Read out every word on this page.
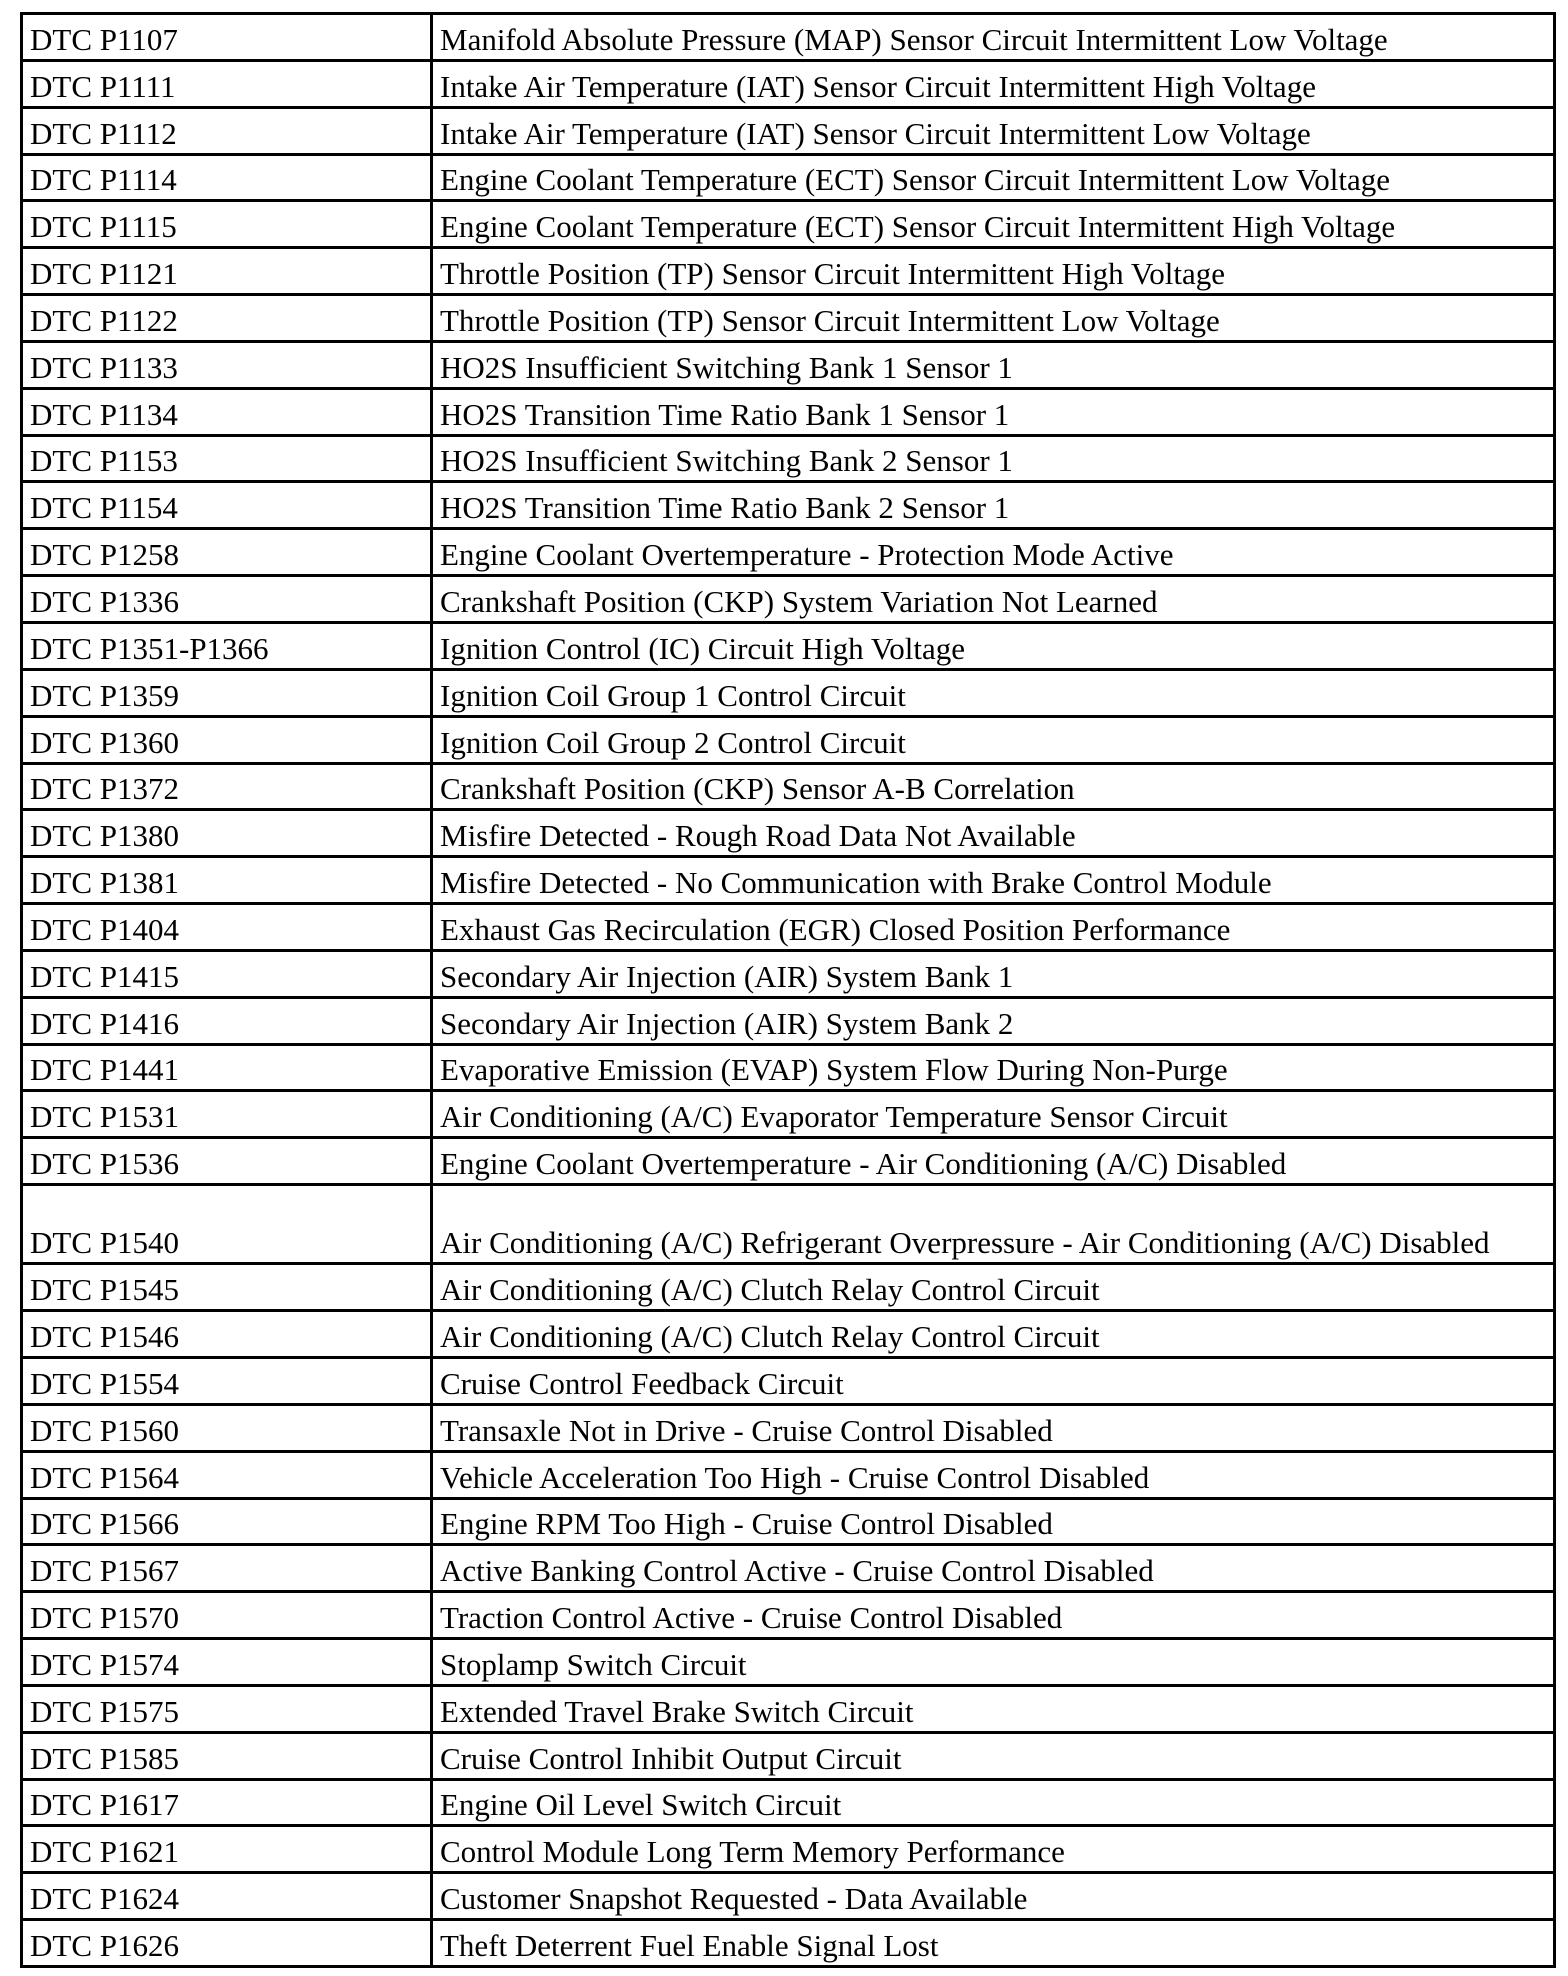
DTC P1107	Manifold Absolute Pressure (MAP) Sensor Circuit Intermittent Low Voltage
DTC P1111	Intake Air Temperature (IAT) Sensor Circuit Intermittent High Voltage
DTC P1112	Intake Air Temperature (IAT) Sensor Circuit Intermittent Low Voltage
DTC P1114	Engine Coolant Temperature (ECT) Sensor Circuit Intermittent Low Voltage
DTC P1115	Engine Coolant Temperature (ECT) Sensor Circuit Intermittent High Voltage
DTC P1121	Throttle Position (TP) Sensor Circuit Intermittent High Voltage
DTC P1122	Throttle Position (TP) Sensor Circuit Intermittent Low Voltage
DTC P1133	HO2S Insufficient Switching Bank 1 Sensor 1
DTC P1134	HO2S Transition Time Ratio Bank 1 Sensor 1
DTC P1153	HO2S Insufficient Switching Bank 2 Sensor 1
DTC P1154	HO2S Transition Time Ratio Bank 2 Sensor 1
DTC P1258	Engine Coolant Overtemperature - Protection Mode Active
DTC P1336	Crankshaft Position (CKP) System Variation Not Learned
DTC P1351-P1366	Ignition Control (IC) Circuit High Voltage
DTC P1359	Ignition Coil Group 1 Control Circuit
DTC P1360	Ignition Coil Group 2 Control Circuit
DTC P1372	Crankshaft Position (CKP) Sensor A-B Correlation
DTC P1380	Misfire Detected - Rough Road Data Not Available
DTC P1381	Misfire Detected - No Communication with Brake Control Module
DTC P1404	Exhaust Gas Recirculation (EGR) Closed Position Performance
DTC P1415	Secondary Air Injection (AIR) System Bank 1
DTC P1416	Secondary Air Injection (AIR) System Bank 2
DTC P1441	Evaporative Emission (EVAP) System Flow During Non-Purge
DTC P1531	Air Conditioning (A/C) Evaporator Temperature Sensor Circuit
DTC P1536	Engine Coolant Overtemperature - Air Conditioning (A/C) Disabled
DTC P1540	Air Conditioning (A/C) Refrigerant Overpressure - Air Conditioning (A/C) Disabled
DTC P1545	Air Conditioning (A/C) Clutch Relay Control Circuit
DTC P1546	Air Conditioning (A/C) Clutch Relay Control Circuit
DTC P1554	Cruise Control Feedback Circuit
DTC P1560	Transaxle Not in Drive - Cruise Control Disabled
DTC P1564	Vehicle Acceleration Too High - Cruise Control Disabled
DTC P1566	Engine RPM Too High - Cruise Control Disabled
DTC P1567	Active Banking Control Active - Cruise Control Disabled
DTC P1570	Traction Control Active - Cruise Control Disabled
DTC P1574	Stoplamp Switch Circuit
DTC P1575	Extended Travel Brake Switch Circuit
DTC P1585	Cruise Control Inhibit Output Circuit
DTC P1617	Engine Oil Level Switch Circuit
DTC P1621	Control Module Long Term Memory Performance
DTC P1624	Customer Snapshot Requested - Data Available
DTC P1626	Theft Deterrent Fuel Enable Signal Lost
